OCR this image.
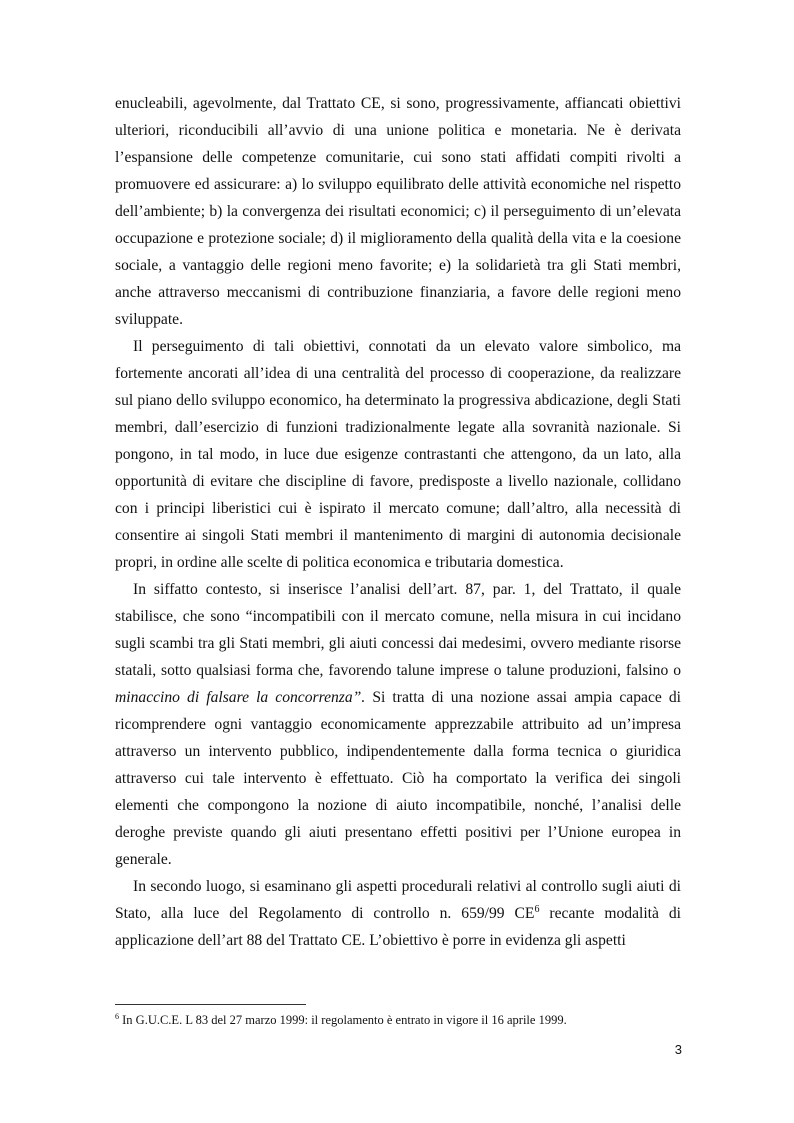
enucleabili, agevolmente, dal Trattato CE, si sono, progressivamente, affiancati obiettivi ulteriori, riconducibili all’avvio di una unione politica e monetaria. Ne è derivata l’espansione delle competenze comunitarie, cui sono stati affidati compiti rivolti a promuovere ed assicurare: a) lo sviluppo equilibrato delle attività economiche nel rispetto dell’ambiente; b) la convergenza dei risultati economici; c) il perseguimento di un’elevata occupazione e protezione sociale; d) il miglioramento della qualità della vita e la coesione sociale, a vantaggio delle regioni meno favorite; e) la solidarietà tra gli Stati membri, anche attraverso meccanismi di contribuzione finanziaria, a favore delle regioni meno sviluppate.

Il perseguimento di tali obiettivi, connotati da un elevato valore simbolico, ma fortemente ancorati all’idea di una centralità del processo di cooperazione, da realizzare sul piano dello sviluppo economico, ha determinato la progressiva abdicazione, degli Stati membri, dall’esercizio di funzioni tradizionalmente legate alla sovranità nazionale. Si pongono, in tal modo, in luce due esigenze contrastanti che attengono, da un lato, alla opportunità di evitare che discipline di favore, predisposte a livello nazionale, collidano con i principi liberistici cui è ispirato il mercato comune; dall’altro, alla necessità di consentire ai singoli Stati membri il mantenimento di margini di autonomia decisionale propri, in ordine alle scelte di politica economica e tributaria domestica.

In siffatto contesto, si inserisce l’analisi dell’art. 87, par. 1, del Trattato, il quale stabilisce, che sono “incompatibili con il mercato comune, nella misura in cui incidano sugli scambi tra gli Stati membri, gli aiuti concessi dai medesimi, ovvero mediante risorse statali, sotto qualsiasi forma che, favorendo talune imprese o talune produzioni, falsino o minaccino di falsare la concorrenza”. Si tratta di una nozione assai ampia capace di ricomprendere ogni vantaggio economicamente apprezzabile attribuito ad un’impresa attraverso un intervento pubblico, indipendentemente dalla forma tecnica o giuridica attraverso cui tale intervento è effettuato. Ciò ha comportato la verifica dei singoli elementi che compongono la nozione di aiuto incompatibile, nonché, l’analisi delle deroghe previste quando gli aiuti presentano effetti positivi per l’Unione europea in generale.

In secondo luogo, si esaminano gli aspetti procedurali relativi al controllo sugli aiuti di Stato, alla luce del Regolamento di controllo n. 659/99 CE$^6$ recante modalità di applicazione dell’art 88 del Trattato CE. L’obiettivo è porre in evidenza gli aspetti

$^6$ In G.U.C.E. L 83 del 27 marzo 1999: il regolamento è entrato in vigore il 16 aprile 1999.
3
